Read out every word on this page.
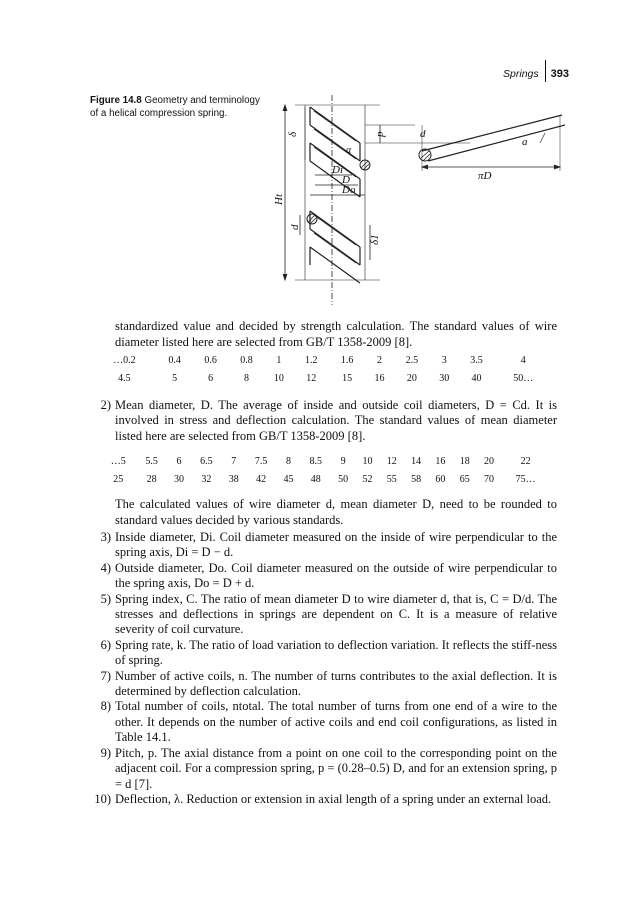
Springs 393
Figure 14.8 Geometry and terminology of a helical compression spring.
δ	p
α
d
a
πD
Di
D
Do
Ht
d
δ1
standardized value and decided by strength calculation. The standard values of wire diameter listed here are selected from GB/T 1358-2009 [8].
…0.2	0.4	0.6	0.8	1	1.2	1.6	2	2.5	3	3.5	4
4.5	5	6	8	10	12	15	16	20	30	40	50…
2) Mean diameter, D. The average of inside and outside coil diameters, D = Cd. It is involved in stress and deflection calculation. The standard values of mean diameter listed here are selected from GB/T 1358-2009 [8].
…5	5.5	6	6.5	7	7.5	8	8.5	9	10	12	14	16	18	20	22
25	28	30	32	38	42	45	48	50	52	55	58	60	65	70	75…
The calculated values of wire diameter d, mean diameter D, need to be rounded to standard values decided by various standards.
3) Inside diameter, Di. Coil diameter measured on the inside of wire perpendicular to the spring axis, Di = D − d.
4) Outside diameter, Do. Coil diameter measured on the outside of wire perpendicular to the spring axis, Do = D + d.
5) Spring index, C. The ratio of mean diameter D to wire diameter d, that is, C = D/d. The stresses and deflections in springs are dependent on C. It is a measure of relative severity of coil curvature.
6) Spring rate, k. The ratio of load variation to deflection variation. It reflects the stiff-ness of spring.
7) Number of active coils, n. The number of turns contributes to the axial deflection. It is determined by deflection calculation.
8) Total number of coils, ntotal. The total number of turns from one end of a wire to the other. It depends on the number of active coils and end coil configurations, as listed in Table 14.1.
9) Pitch, p. The axial distance from a point on one coil to the corresponding point on the adjacent coil. For a compression spring, p = (0.28–0.5) D, and for an extension spring, p = d [7].
10) Deflection, λ. Reduction or extension in axial length of a spring under an external load.
